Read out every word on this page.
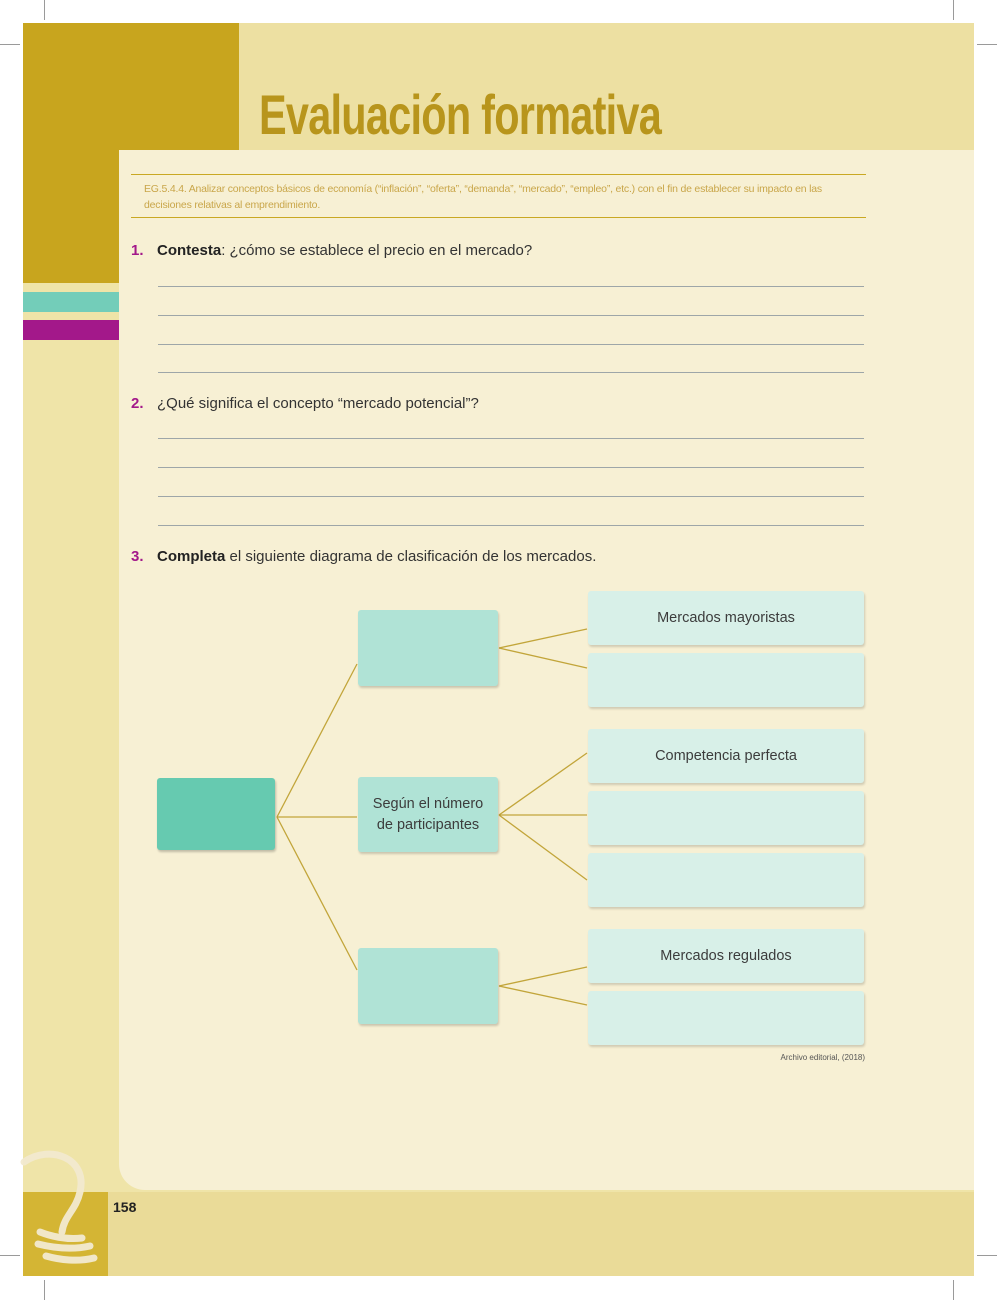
Evaluación formativa

EG.5.4.4. Analizar conceptos básicos de economía (“inflación”, “oferta”, “demanda”, “mercado”, “empleo”, etc.) con el fin de establecer su impacto en las decisiones relativas al emprendimiento.

1. Contesta: ¿cómo se establece el precio en el mercado?
2. ¿Qué significa el concepto “mercado potencial”?
3. Completa el siguiente diagrama de clasificación de los mercados.
Según el número de participantes
Mercados mayoristas
Competencia perfecta
Mercados regulados

Archivo editorial, (2018)

158
